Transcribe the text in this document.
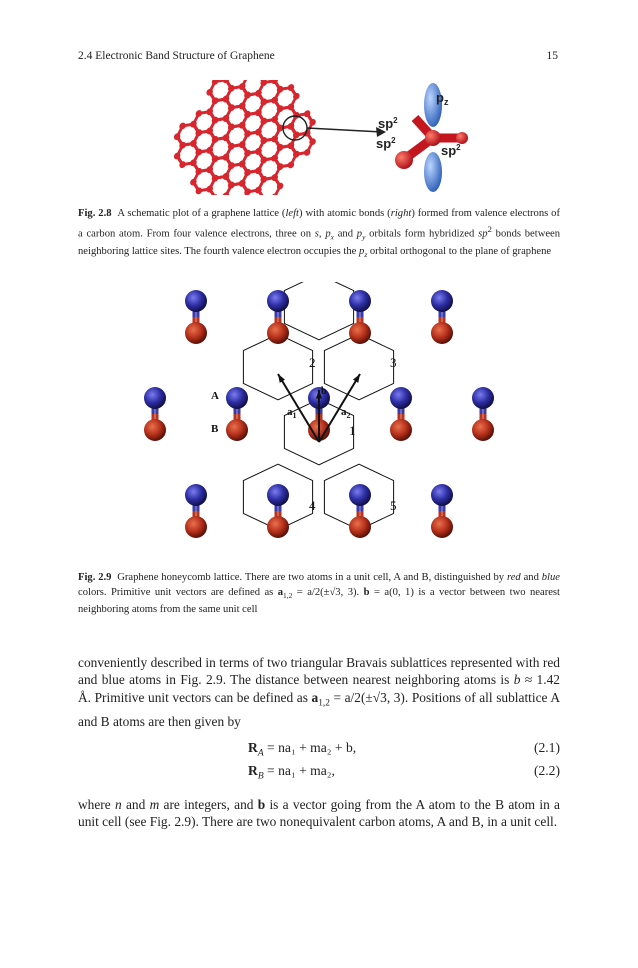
2.4 Electronic Band Structure of Graphene	15
$p_z$
$sp^2$
$sp^2$
$sp^2$
Fig. 2.8 A schematic plot of a graphene lattice (left) with atomic bonds (right) formed from valence electrons of a carbon atom. From four valence electrons, three on s, $p_x$ and $p_y$ orbitals form hybridized $sp^2$ bonds between neighboring lattice sites. The fourth valence electron occupies the $p_z$ orbital orthogonal to the plane of graphene
2	3
1
4	5
A
B
$a_1$	$a_2$
b
Fig. 2.9 Graphene honeycomb lattice. There are two atoms in a unit cell, A and B, distinguished by red and blue colors. Primitive unit vectors are defined as $a_{1,2} = a/2(\pm√3$, 3). b = a(0, 1) is a vector between two nearest neighboring atoms from the same unit cell
conveniently described in terms of two triangular Bravais sublattices represented with red and blue atoms in Fig. 2.9. The distance between nearest neighboring atoms is b ≈ 1.42 Å. Primitive unit vectors can be defined as $a_{1,2} = a/2(\pm√3$, 3). Positions of all sublattice A and B atoms are then given by
$R_A = na_1 + ma_2 + b$,	(2.1)
$R_B = na_1 + ma_2$,	(2.2)
where n and m are integers, and b is a vector going from the A atom to the B atom in a unit cell (see Fig. 2.9). There are two nonequivalent carbon atoms, A and B, in a unit cell.
